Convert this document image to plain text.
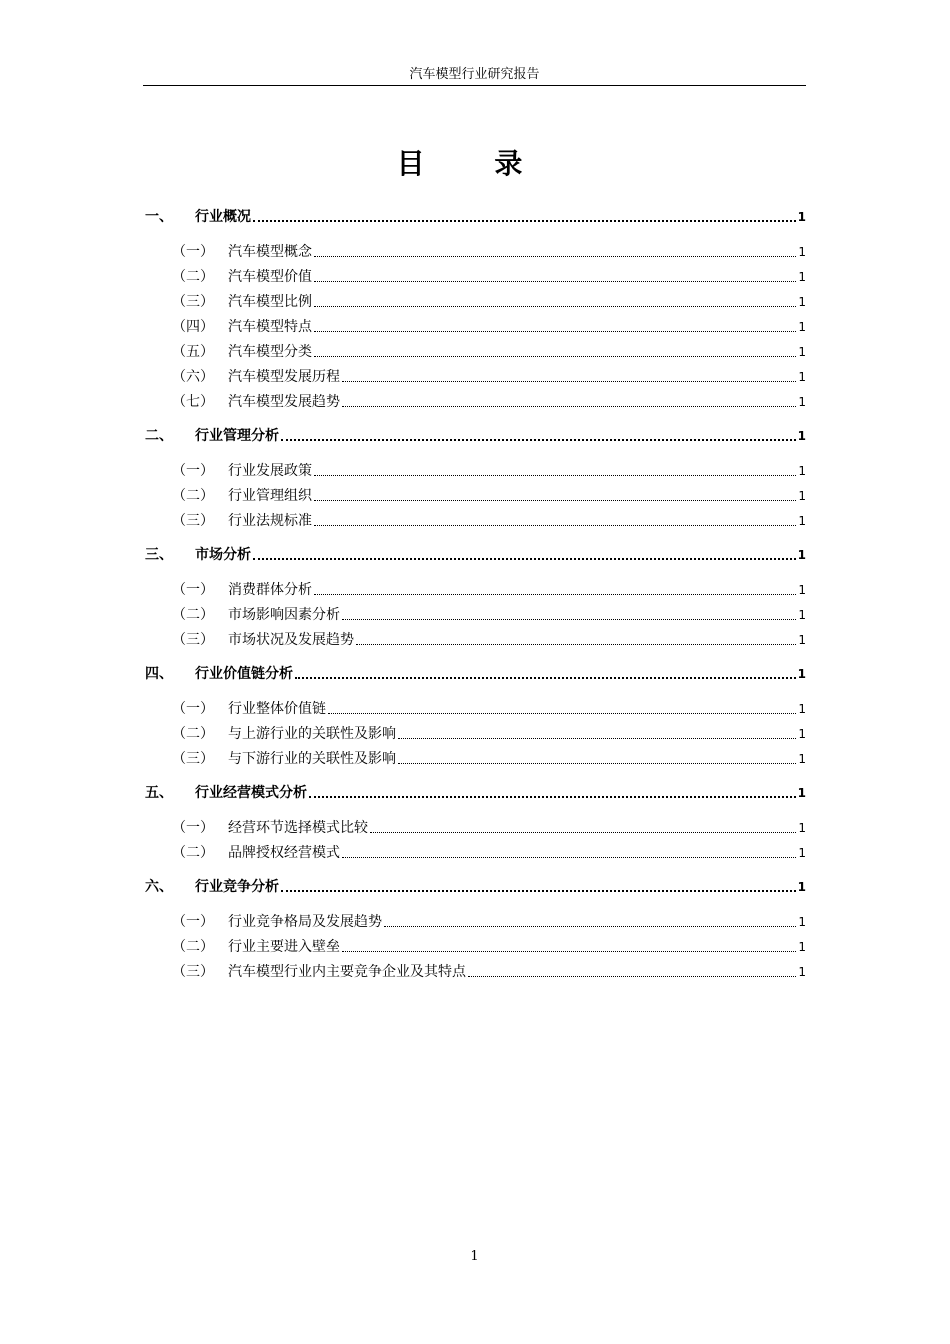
汽车模型行业研究报告
目 录
一、	行业概况	1
（一）	汽车模型概念	1
（二）	汽车模型价值	1
（三）	汽车模型比例	1
（四）	汽车模型特点	1
（五）	汽车模型分类	1
（六）	汽车模型发展历程	1
（七）	汽车模型发展趋势	1
二、	行业管理分析	1
（一）	行业发展政策	1
（二）	行业管理组织	1
（三）	行业法规标准	1
三、	市场分析	1
（一）	消费群体分析	1
（二）	市场影响因素分析	1
（三）	市场状况及发展趋势	1
四、	行业价值链分析	1
（一）	行业整体价值链	1
（二）	与上游行业的关联性及影响	1
（三）	与下游行业的关联性及影响	1
五、	行业经营模式分析	1
（一）	经营环节选择模式比较	1
（二）	品牌授权经营模式	1
六、	行业竞争分析	1
（一）	行业竞争格局及发展趋势	1
（二）	行业主要进入壁垒	1
（三）	汽车模型行业内主要竞争企业及其特点	1
1
